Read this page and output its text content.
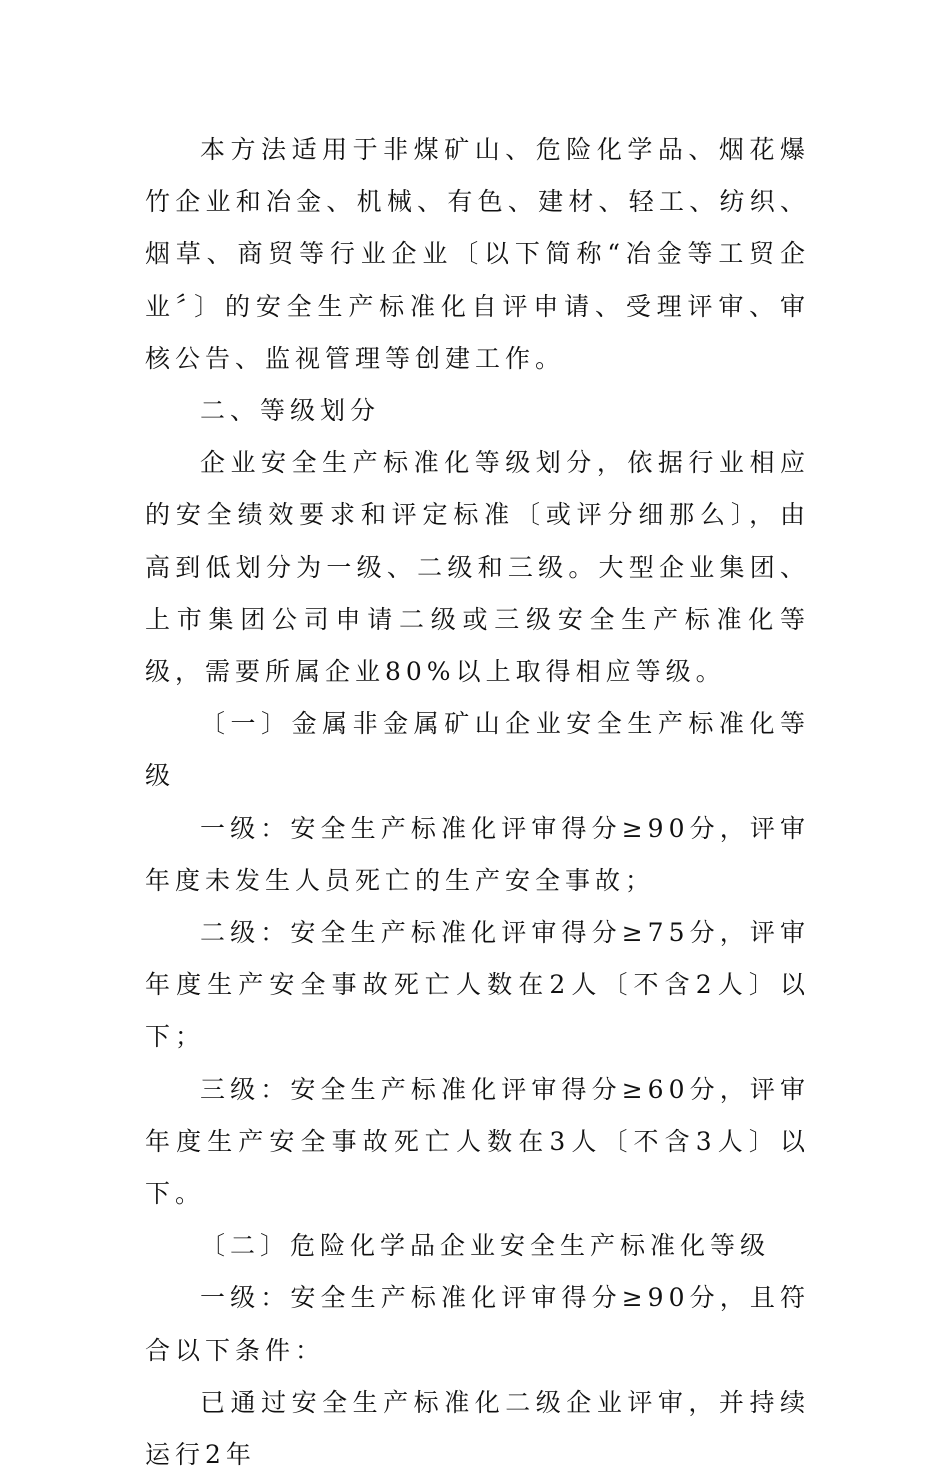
本方法适用于非煤矿山、危险化学品、烟花爆竹企业和冶金、机械、有色、建材、轻工、纺织、烟草、商贸等行业企业〔以下简称“冶金等工贸企业〞〕的安全生产标准化自评申请、受理评审、审核公告、监视管理等创建工作。

二、等级划分

企业安全生产标准化等级划分，依据行业相应的安全绩效要求和评定标准〔或评分细那么〕，由高到低划分为一级、二级和三级。大型企业集团、上市集团公司申请二级或三级安全生产标准化等级，需要所属企业80%以上取得相应等级。

〔一〕金属非金属矿山企业安全生产标准化等级

一级：安全生产标准化评审得分≥90分，评审年度未发生人员死亡的生产安全事故；

二级：安全生产标准化评审得分≥75分，评审年度生产安全事故死亡人数在2人〔不含2人〕以下；

三级：安全生产标准化评审得分≥60分，评审年度生产安全事故死亡人数在3人〔不含3人〕以下。

〔二〕危险化学品企业安全生产标准化等级

一级：安全生产标准化评审得分≥90分，且符合以下条件：

已通过安全生产标准化二级企业评审，并持续运行2年
